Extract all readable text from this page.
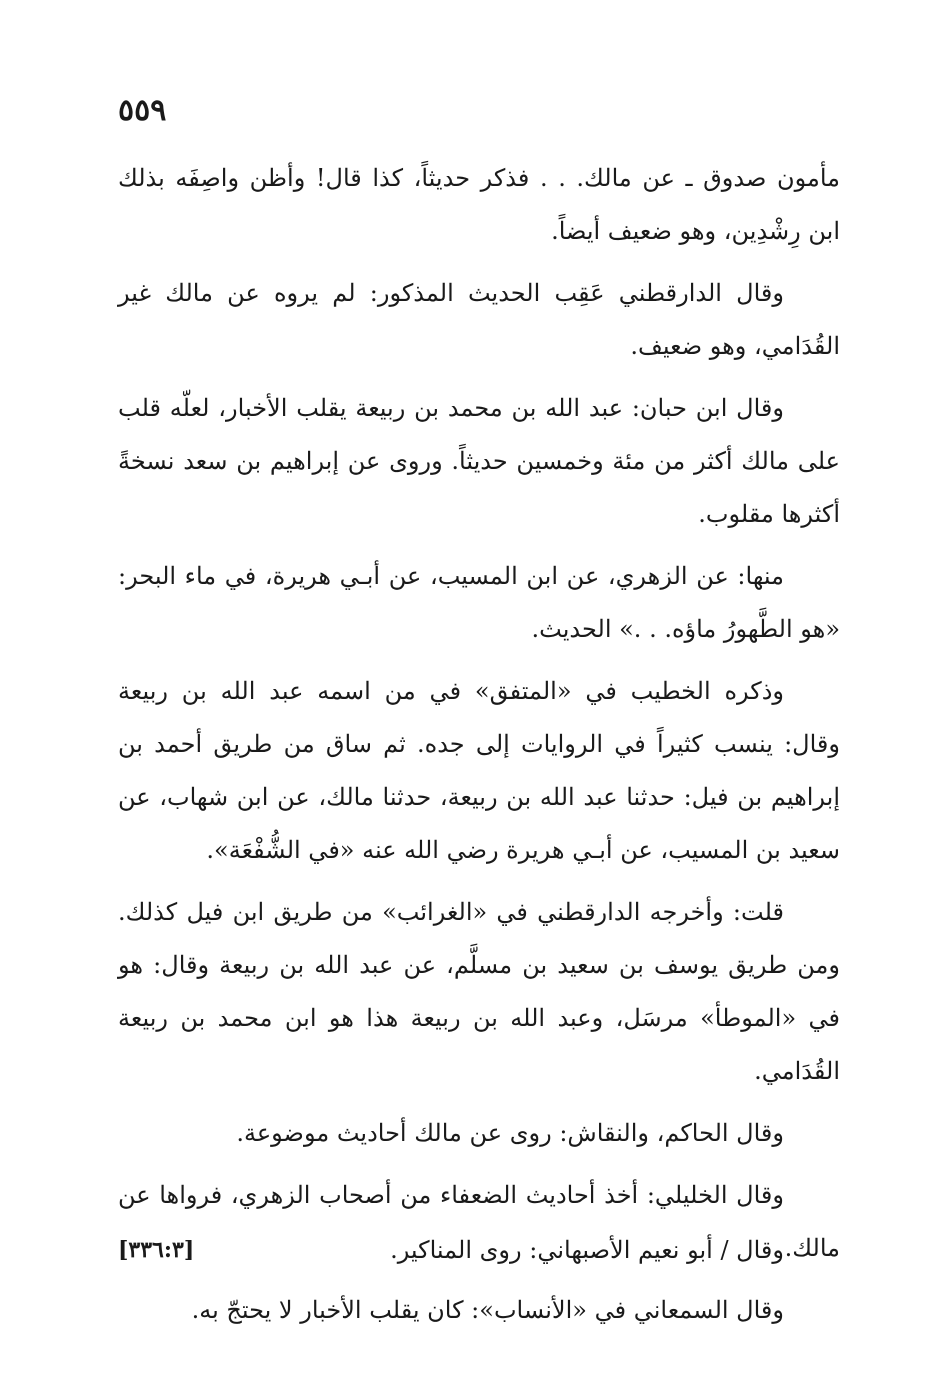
٥٥٩

مأمون صدوق ـ عن مالك. . . فذكر حديثاً، كذا قال! وأظن واصِفَه بذلك ابن رِشْدِين، وهو ضعيف أيضاً.

وقال الدارقطني عَقِب الحديث المذكور: لم يروه عن مالك غير القُدَامي، وهو ضعيف.

وقال ابن حبان: عبد الله بن محمد بن ربيعة يقلب الأخبار، لعلّه قلب على مالك أكثر من مئة وخمسين حديثاً. وروى عن إبراهيم بن سعد نسخةً أكثرها مقلوب.

منها: عن الزهري، عن ابن المسيب، عن أبـي هريرة، في ماء البحر: «هو الطَّهورُ ماؤه. . .» الحديث.

وذكره الخطيب في «المتفق» في من اسمه عبد الله بن ربيعة وقال: ينسب كثيراً في الروايات إلى جده. ثم ساق من طريق أحمد بن إبراهيم بن فيل: حدثنا عبد الله بن ربيعة، حدثنا مالك، عن ابن شهاب، عن سعيد بن المسيب، عن أبـي هريرة رضي الله عنه «في الشُّفْعَة».

قلت: وأخرجه الدارقطني في «الغرائب» من طريق ابن فيل كذلك. ومن طريق يوسف بن سعيد بن مسلَّم، عن عبد الله بن ربيعة وقال: هو في «الموطأ» مرسَل، وعبد الله بن ربيعة هذا هو ابن محمد بن ربيعة القُدَامي.

وقال الحاكم، والنقاش: روى عن مالك أحاديث موضوعة.

وقال الخليلي: أخذ أحاديث الضعفاء من أصحاب الزهري، فرواها عن مالك.

وقال السمعاني في «الأنساب»: كان يقلب الأخبار لا يحتجّ به.

وقال / أبو نعيم الأصبهاني: روى المناكير.
[٣٣٦:٣]
